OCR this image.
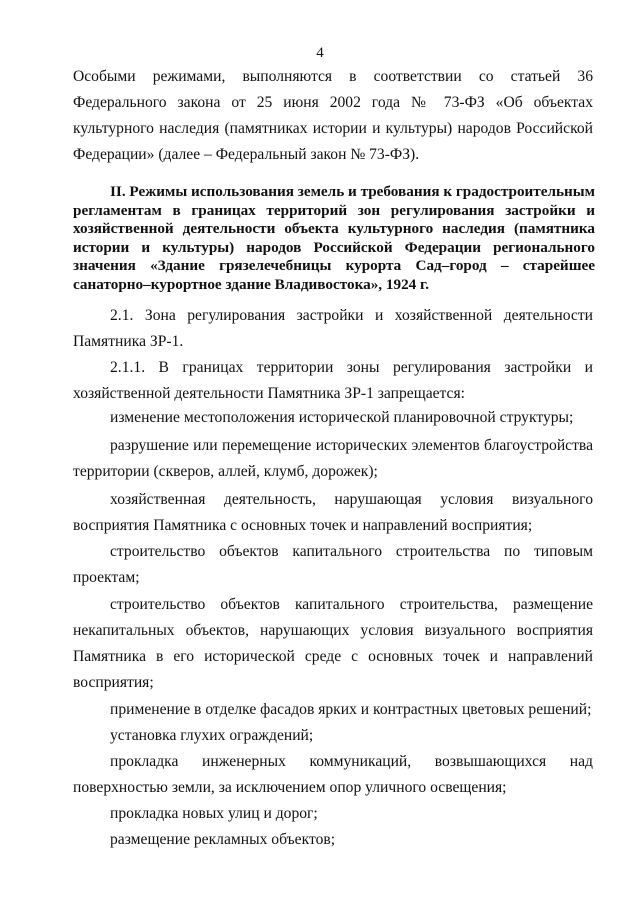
4

Особыми режимами, выполняются в соответствии со статьей 36 Федерального закона от 25 июня 2002 года № 73-ФЗ «Об объектах культурного наследия (памятниках истории и культуры) народов Российской Федерации» (далее – Федеральный закон № 73-ФЗ).

II. Режимы использования земель и требования к градостроительным регламентам в границах территорий зон регулирования застройки и хозяйственной деятельности объекта культурного наследия (памятника истории и культуры) народов Российской Федерации регионального значения «Здание грязелечебницы курорта Сад–город – старейшее санаторно–курортное здание Владивостока», 1924 г.

2.1. Зона регулирования застройки и хозяйственной деятельности Памятника ЗР-1.

2.1.1. В границах территории зоны регулирования застройки и хозяйственной деятельности Памятника ЗР-1 запрещается:

изменение местоположения исторической планировочной структуры;

разрушение или перемещение исторических элементов благоустройства территории (скверов, аллей, клумб, дорожек);

хозяйственная деятельность, нарушающая условия визуального восприятия Памятника с основных точек и направлений восприятия;

строительство объектов капитального строительства по типовым проектам;

строительство объектов капитального строительства, размещение некапитальных объектов, нарушающих условия визуального восприятия Памятника в его исторической среде с основных точек и направлений восприятия;

применение в отделке фасадов ярких и контрастных цветовых решений;

установка глухих ограждений;

прокладка инженерных коммуникаций, возвышающихся над поверхностью земли, за исключением опор уличного освещения;

прокладка новых улиц и дорог;

размещение рекламных объектов;
